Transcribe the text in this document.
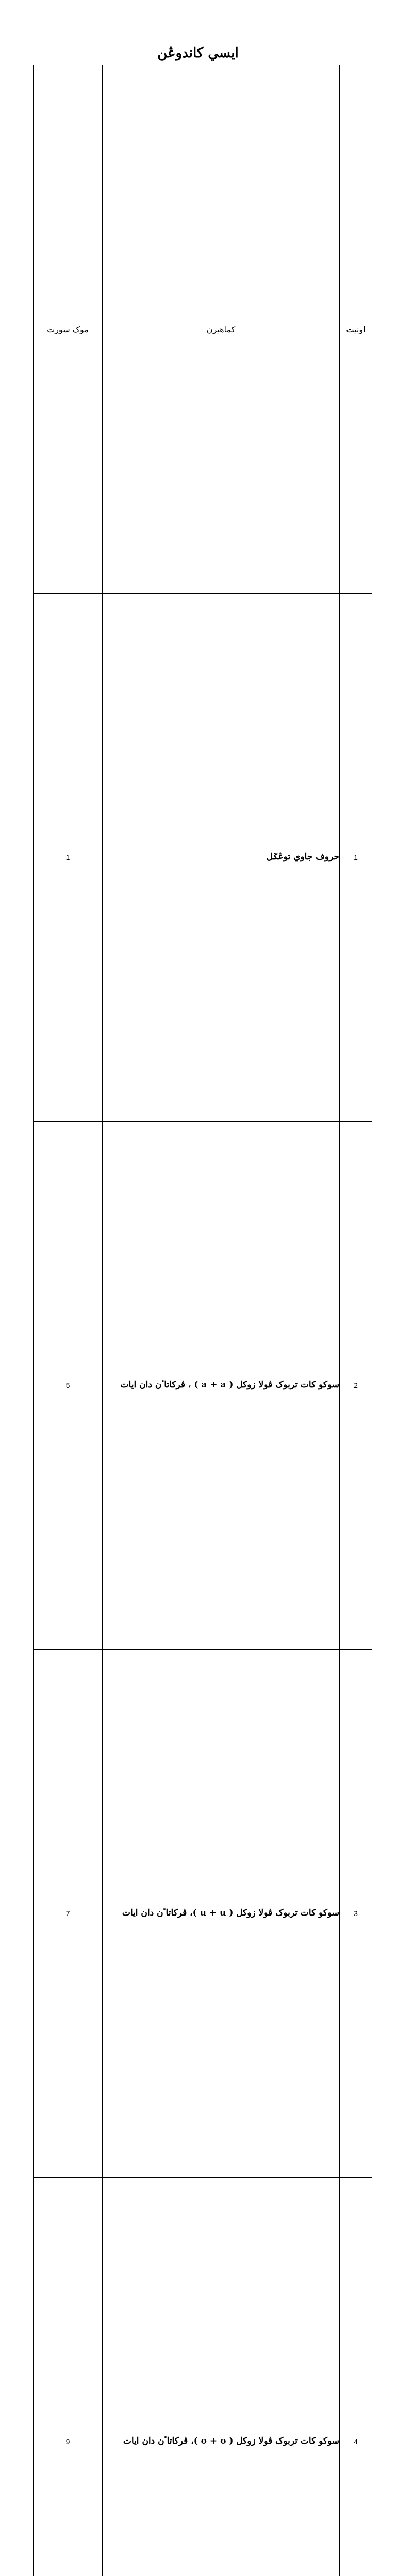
ايسي كاندوڠن
اونيت	كماهيرن	موک سورت
1	حروف جاوي توڠݢل	1
2	سوكو كات تربوک ڤولا زوكل ( a + a ) ، ڤركاتاٴن دان ايات	5
3	سوكو كات تربوک ڤولا زوكل ( u + u )، ڤركاتاٴن دان ايات	7
4	سوكو كات تربوک ڤولا زوكل ( o + o )، ڤركاتاٴن دان ايات	9
